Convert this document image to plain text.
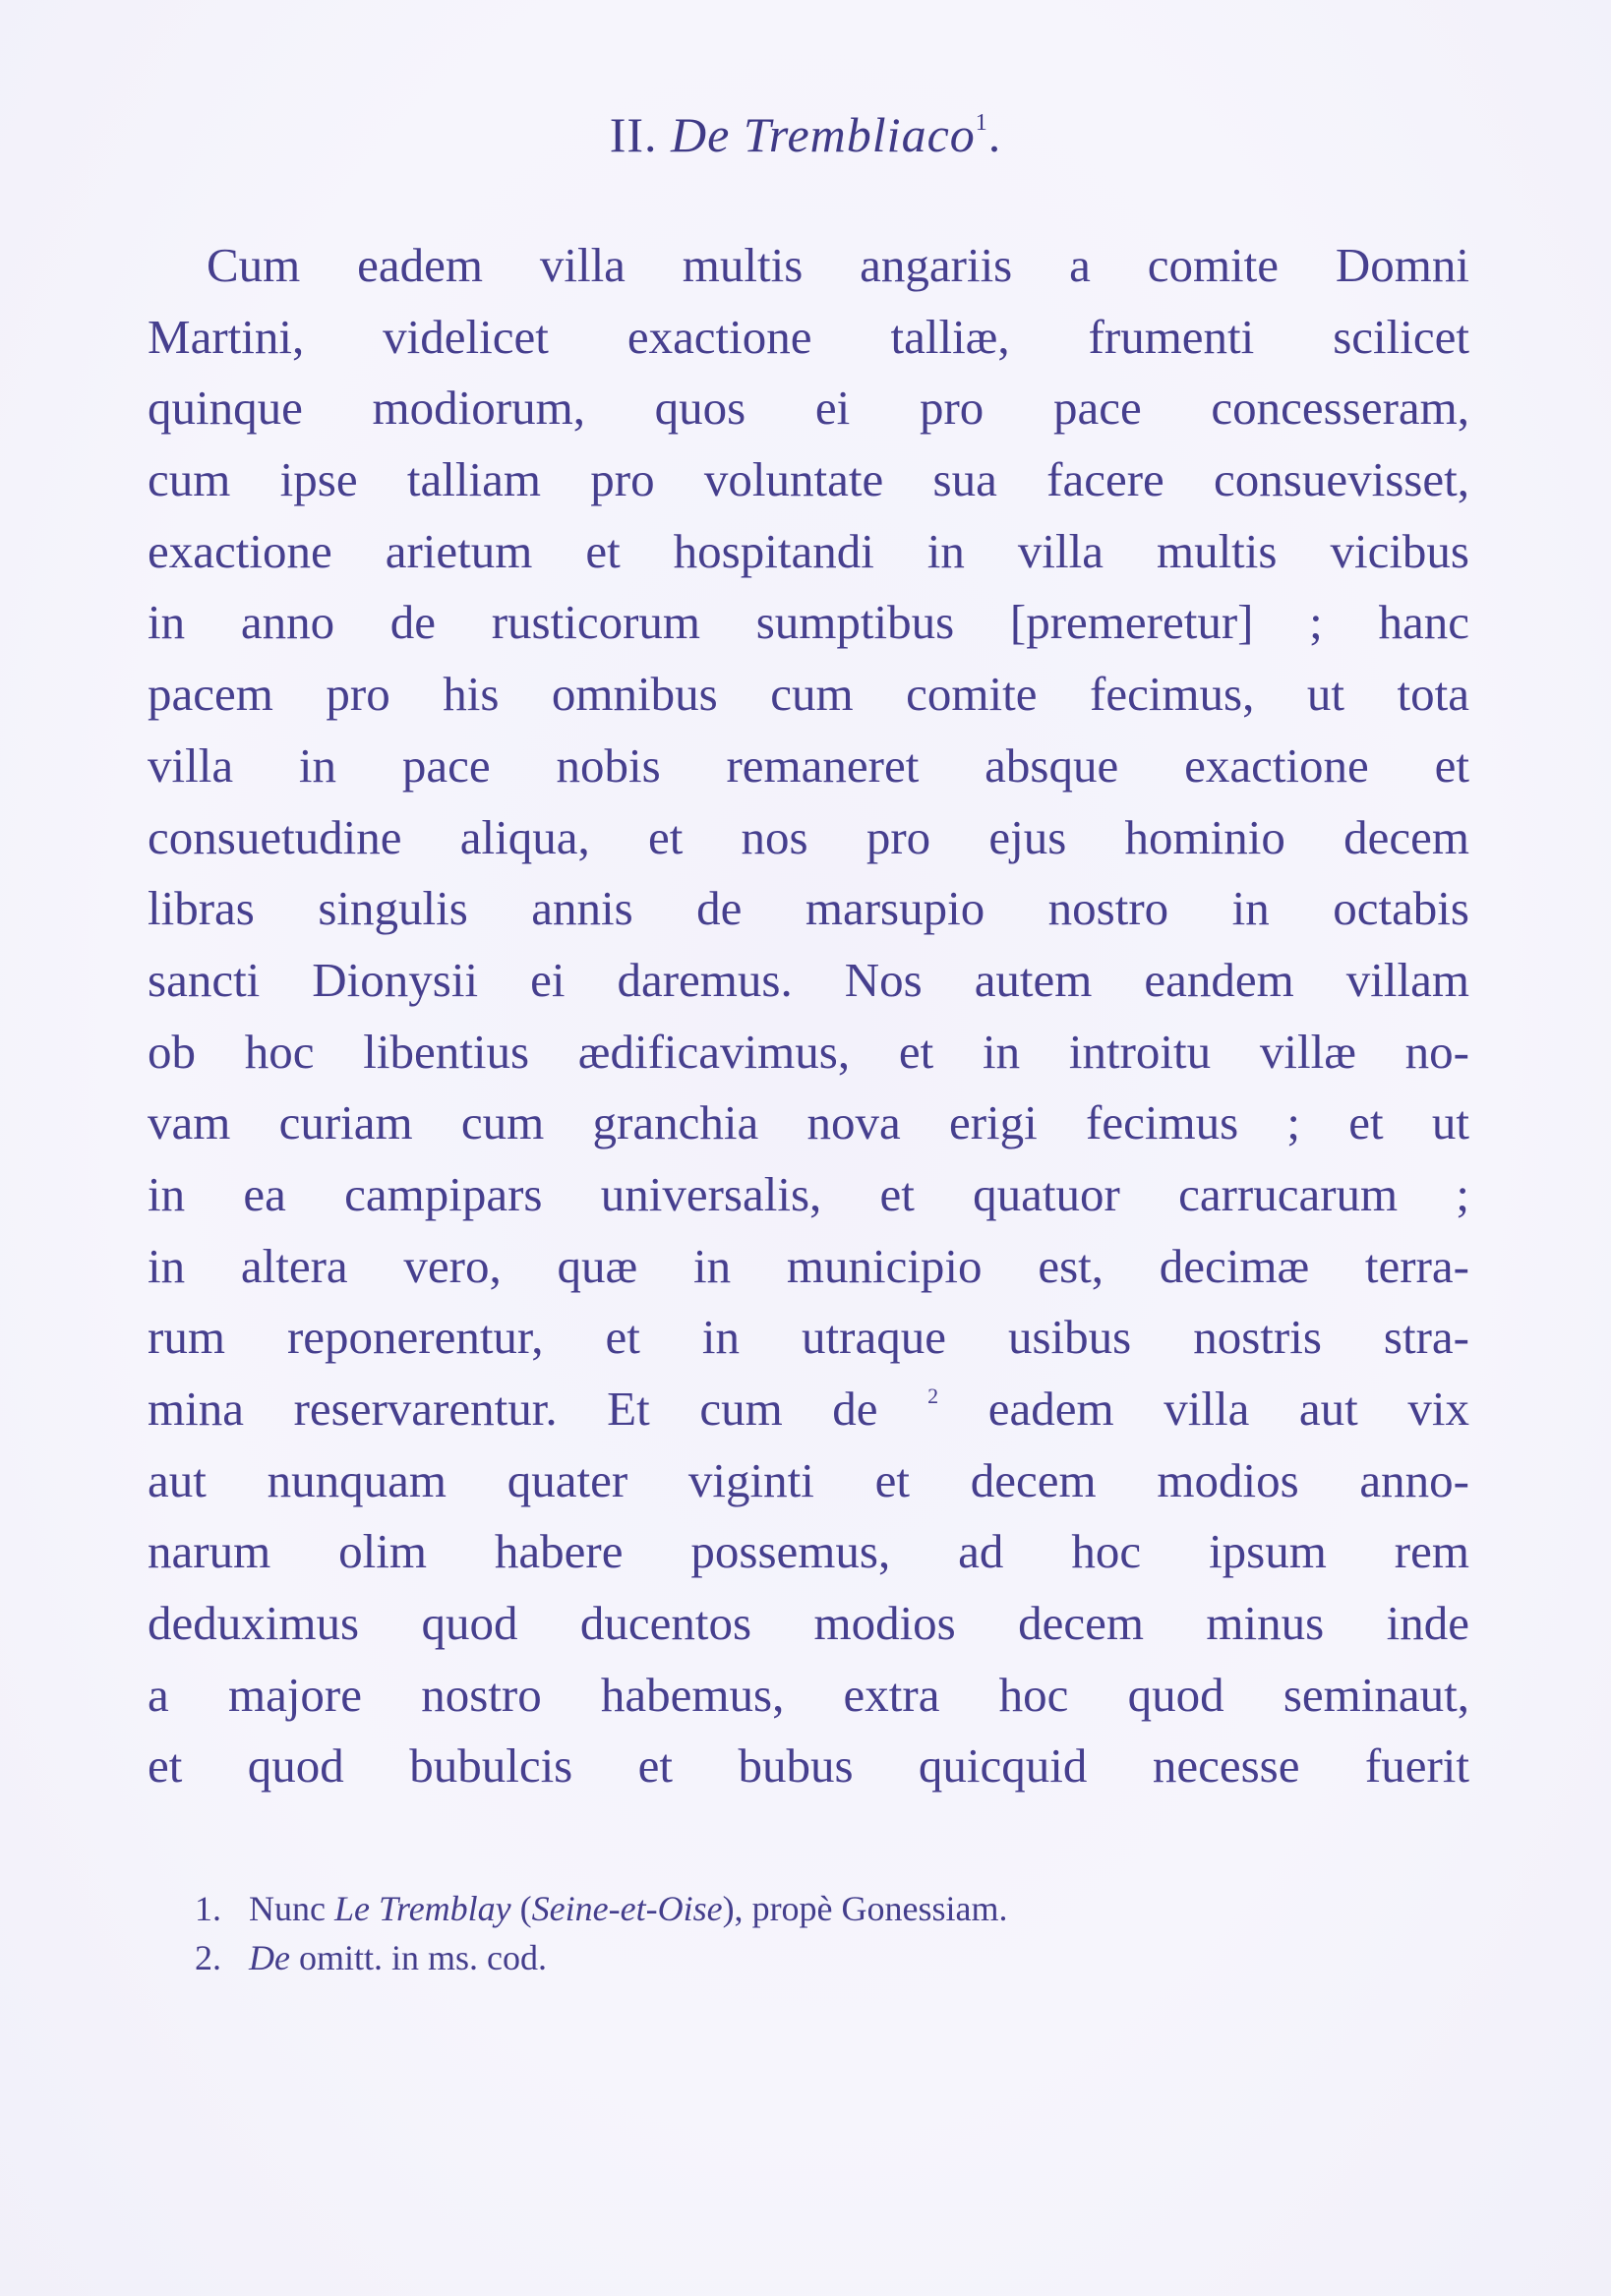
II. De Trembliaco$^1$.
Cum eadem villa multis angariis a comite Domni
Martini, videlicet exactione talliæ, frumenti scilicet
quinque modiorum, quos ei pro pace concesseram,
cum ipse talliam pro voluntate sua facere consuevisset,
exactione arietum et hospitandi in villa multis vicibus
in anno de rusticorum sumptibus [premeretur] ; hanc
pacem pro his omnibus cum comite fecimus, ut tota
villa in pace nobis remaneret absque exactione et
consuetudine aliqua, et nos pro ejus hominio decem
libras singulis annis de marsupio nostro in octabis
sancti Dionysii ei daremus. Nos autem eandem villam
ob hoc libentius ædificavimus, et in introitu villæ no-
vam curiam cum granchia nova erigi fecimus ; et ut
in ea campipars universalis, et quatuor carrucarum ;
in altera vero, quæ in municipio est, decimæ terra-
rum reponerentur, et in utraque usibus nostris stra-
mina reservarentur. Et cum de $^2$ eadem villa aut vix
aut nunquam quater viginti et decem modios anno-
narum olim habere possemus, ad hoc ipsum rem
deduximus quod ducentos modios decem minus inde
a majore nostro habemus, extra hoc quod seminaut,
et quod bubulcis et bubus quicquid necesse fuerit
1. Nunc Le Tremblay (Seine-et-Oise), propè Gonessiam.
2. De omitt. in ms. cod.
